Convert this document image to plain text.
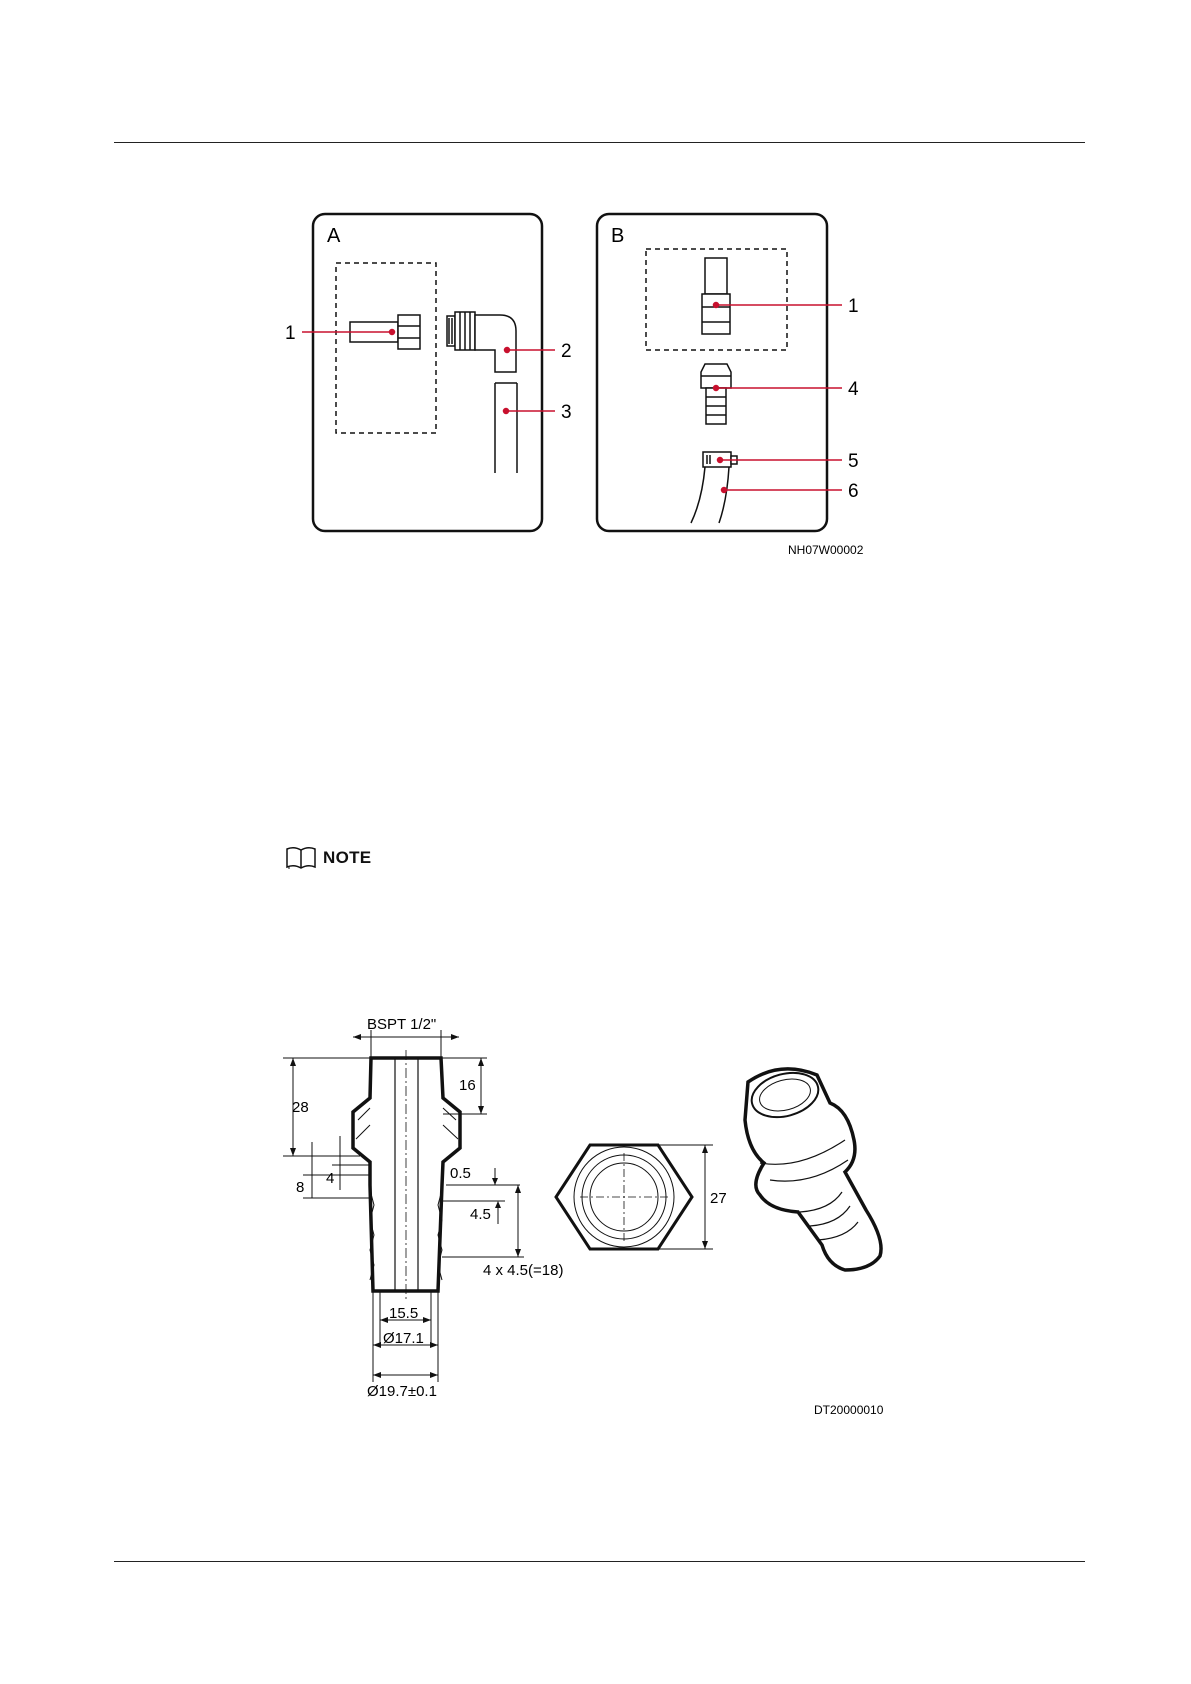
A
1
2
3
B
1
4
5
6
NH07W00002
NOTE
BSPT 1/2"
28
16
8
4	0.5
4.5
4 x 4.5(=18)
27
15.5
Ø17.1
Ø19.7±0.1
DT20000010
